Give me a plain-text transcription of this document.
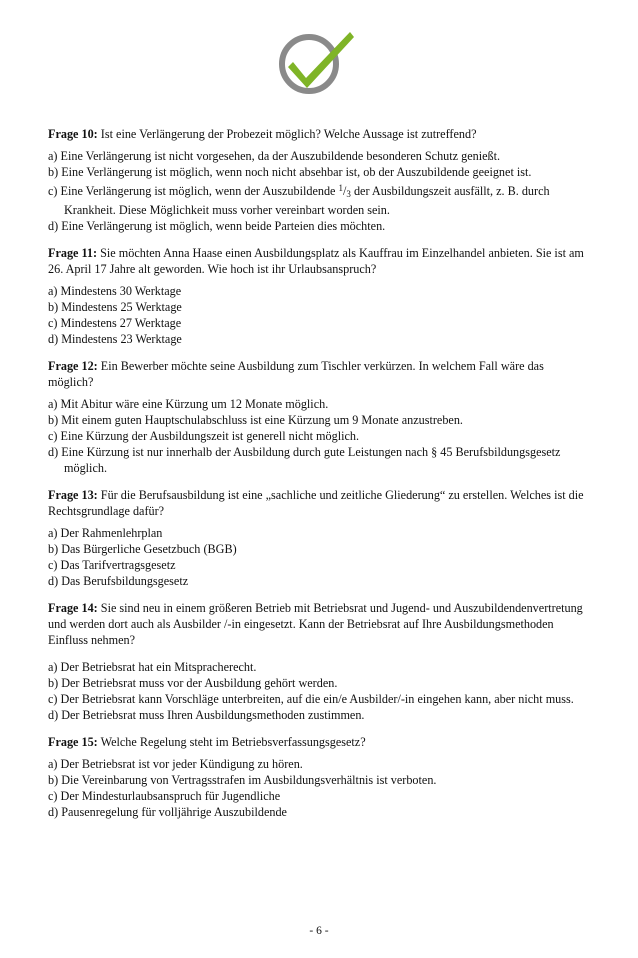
Frage 10: Ist eine Verlängerung der Probezeit möglich? Welche Aussage ist zutreffend?

a) Eine Verlängerung ist nicht vorgesehen, da der Auszubildende besonderen Schutz genießt.

b) Eine Verlängerung ist möglich, wenn noch nicht absehbar ist, ob der Auszubildende geeignet ist.

c) Eine Verlängerung ist möglich, wenn der Auszubildende $^1$/3 der Ausbildungszeit ausfällt, z. B. durch Krankheit. Diese Möglichkeit muss vorher vereinbart worden sein.

d) Eine Verlängerung ist möglich, wenn beide Parteien dies möchten.

Frage 11: Sie möchten Anna Haase einen Ausbildungsplatz als Kauffrau im Einzelhandel anbieten. Sie ist am 26. April 17 Jahre alt geworden. Wie hoch ist ihr Urlaubsanspruch?

a) Mindestens 30 Werktage

b) Mindestens 25 Werktage

c) Mindestens 27 Werktage

d) Mindestens 23 Werktage

Frage 12: Ein Bewerber möchte seine Ausbildung zum Tischler verkürzen. In welchem Fall wäre das möglich?

a) Mit Abitur wäre eine Kürzung um 12 Monate möglich.

b) Mit einem guten Hauptschulabschluss ist eine Kürzung um 9 Monate anzustreben.

c) Eine Kürzung der Ausbildungszeit ist generell nicht möglich.

d) Eine Kürzung ist nur innerhalb der Ausbildung durch gute Leistungen nach § 45 Berufsbildungsgesetz möglich.

Frage 13: Für die Berufsausbildung ist eine „sachliche und zeitliche Gliederung“ zu erstellen. Welches ist die Rechtsgrundlage dafür?

a) Der Rahmenlehrplan

b) Das Bürgerliche Gesetzbuch (BGB)

c) Das Tarifvertragsgesetz

d) Das Berufsbildungsgesetz

Frage 14: Sie sind neu in einem größeren Betrieb mit Betriebsrat und Jugend- und Auszubildendenvertretung und werden dort auch als Ausbilder /-in eingesetzt. Kann der Betriebsrat auf Ihre Ausbildungsmethoden Einfluss nehmen?

a) Der Betriebsrat hat ein Mitspracherecht.

b) Der Betriebsrat muss vor der Ausbildung gehört werden.

c) Der Betriebsrat kann Vorschläge unterbreiten, auf die ein/e Ausbilder/-in eingehen kann, aber nicht muss.

d) Der Betriebsrat muss Ihren Ausbildungsmethoden zustimmen.

Frage 15: Welche Regelung steht im Betriebsverfassungsgesetz?

a) Der Betriebsrat ist vor jeder Kündigung zu hören.

b) Die Vereinbarung von Vertragsstrafen im Ausbildungsverhältnis ist verboten.

c) Der Mindesturlaubsanspruch für Jugendliche

d) Pausenregelung für volljährige Auszubildende

- 6 -
